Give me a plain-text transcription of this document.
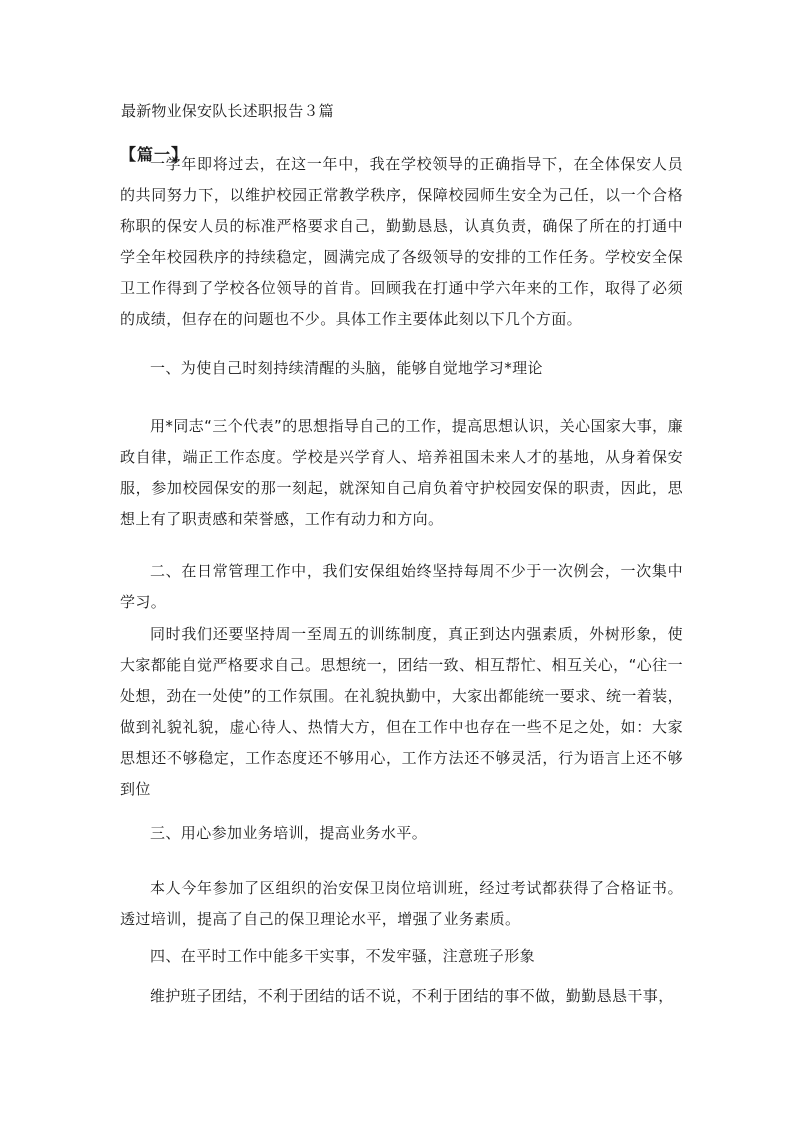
最新物业保安队长述职报告３篇
【篇一】

一学年即将过去，在这一年中，我在学校领导的正确指导下，在全体保安人员的共同努力下，以维护校园正常教学秩序，保障校园师生安全为己任，以一个合格称职的保安人员的标准严格要求自己，勤勤恳恳，认真负责，确保了所在的打通中学全年校园秩序的持续稳定，圆满完成了各级领导的安排的工作任务。学校安全保卫工作得到了学校各位领导的首肯。回顾我在打通中学六年来的工作，取得了必须的成绩，但存在的问题也不少。具体工作主要体此刻以下几个方面。

一、为使自己时刻持续清醒的头脑，能够自觉地学习*理论

用*同志“三个代表”的思想指导自己的工作，提高思想认识，关心国家大事，廉政自律，端正工作态度。学校是兴学育人、培养祖国未来人才的基地，从身着保安服，参加校园保安的那一刻起，就深知自己肩负着守护校园安保的职责，因此，思想上有了职责感和荣誉感，工作有动力和方向。

二、在日常管理工作中，我们安保组始终坚持每周不少于一次例会，一次集中学习。

同时我们还要坚持周一至周五的训练制度，真正到达内强素质，外树形象，使大家都能自觉严格要求自己。思想统一，团结一致、相互帮忙、相互关心，“心往一处想，劲在一处使”的工作氛围。在礼貌执勤中，大家出都能统一要求、统一着装，做到礼貌礼貌，虚心待人、热情大方，但在工作中也存在一些不足之处，如：大家思想还不够稳定，工作态度还不够用心，工作方法还不够灵活，行为语言上还不够到位

三、用心参加业务培训，提高业务水平。

本人今年参加了区组织的治安保卫岗位培训班，经过考试都获得了合格证书。透过培训，提高了自己的保卫理论水平，增强了业务素质。

四、在平时工作中能多干实事，不发牢骚，注意班子形象

维护班子团结，不利于团结的话不说，不利于团结的事不做，勤勤恳恳干事，
